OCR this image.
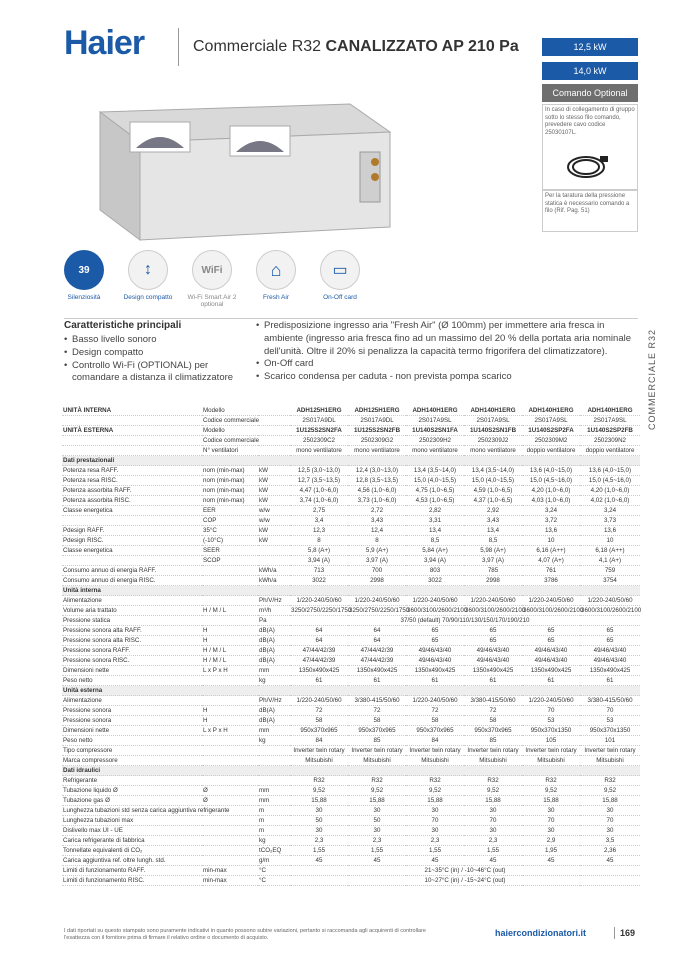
Haier	Commerciale R32 CANALIZZATO AP 210 Pa	12,5 kW
14,0 kW
Comando Optional
In caso di collegamento di gruppo sotto lo stesso filo comando, prevedere cavo codice 25030107L.
Per la taratura della pressione statica è necessario comando a filo (Rif. Pag. 51)
COMMERCIALE R32
39
Silenziosità
↕
Design compatto
WiFi
Wi-Fi Smart Air 2 optional
⌂
Fresh Air
▭
On-Off card
Caratteristiche principali
• Basso livello sonoro
• Design compatto
• Controllo Wi-Fi (OPTIONAL) per comandare a distanza il climatizzatore
• Predisposizione ingresso aria "Fresh Air" (Ø 100mm) per immettere aria fresca in ambiente (ingresso aria fresca fino ad un massimo del 20 % della portata aria nominale dell'unità. Oltre il 20% si penalizza la capacità termo frigorifera del climatizzatore).
• On-Off card
• Scarico condensa per caduta - non prevista pompa scarico
UNITÀ INTERNA	Modello		ADH125H1ERG	ADH125H1ERG	ADH140H1ERG	ADH140H1ERG	ADH140H1ERG	ADH140H1ERG
	Codice commerciale		2S017A9DL	2S017A9DL	2S017A9SL	2S017A9SL	2S017A9SL	2S017A9SL
UNITÀ ESTERNA	Modello		1U125S2SN2FA	1U125S2SN2FB	1U140S2SN1FA	1U140S2SN1FB	1U140S2SP2FA	1U140S2SP2FB
	Codice commerciale		2502309C2	2502309G2	2502309H2	2502309J2	2502309M2	2502309N2
	N° ventilatori		mono ventilatore	mono ventilatore	mono ventilatore	mono ventilatore	doppio ventilatore	doppio ventilatore
Dati prestazionali								
Potenza resa RAFF.	nom (min-max)	kW	12,5 (3,0~13,0)	12,4 (3,0~13,0)	13,4 (3,5~14,0)	13,4 (3,5~14,0)	13,6 (4,0~15,0)	13,6 (4,0~15,0)
Potenza resa RISC.	nom (min-max)	kW	12,7 (3,5~13,5)	12,8 (3,5~13,5)	15,0 (4,0~15,5)	15,0 (4,0~15,5)	15,0 (4,5~16,0)	15,0 (4,5~16,0)
Potenza assorbita RAFF.	nom (min-max)	kW	4,47 (1,0~6,0)	4,56 (1,0~6,0)	4,75 (1,0~6,5)	4,59 (1,0~6,5)	4,20 (1,0~6,0)	4,20 (1,0~6,0)
Potenza assorbita RISC.	nom (min-max)	kW	3,74 (1,0~6,0)	3,73 (1,0~6,0)	4,53 (1,0~6,5)	4,37 (1,0~6,5)	4,03 (1,0~6,0)	4,02 (1,0~6,0)
Classe energetica	EER	w/w	2,75	2,72	2,82	2,92	3,24	3,24
	COP	w/w	3,4	3,43	3,31	3,43	3,72	3,73
Pdesign RAFF.	35°C	kW	12,3	12,4	13,4	13,4	13,6	13,6
Pdesign RISC.	(-10°C)	kW	8	8	8,5	8,5	10	10
Classe energetica	SEER		5,8 (A+)	5,9 (A+)	5,84 (A+)	5,98 (A+)	6,16 (A++)	6,18 (A++)
	SCOP		3,94 (A)	3,97 (A)	3,94 (A)	3,97 (A)	4,07 (A+)	4,1 (A+)
Consumo annuo di energia RAFF.		kWh/a	713	700	803	785	761	759
Consumo annuo di energia RISC.		kWh/a	3022	2998	3022	2998	3786	3754
Unità interna								
Alimentazione		Ph/V/Hz	1/220-240/50/60	1/220-240/50/60	1/220-240/50/60	1/220-240/50/60	1/220-240/50/60	1/220-240/50/60
Volume aria trattato	H / M / L	m³/h	3250/2750/2250/1750	3250/2750/2250/1750	3600/3100/2600/2100	3600/3100/2600/2100	3600/3100/2600/2100	3600/3100/2600/2100
Pressione statica		Pa	37/50 (default) 70/90/110/130/150/170/190/210					
Pressione sonora alta RAFF.	H	dB(A)	64	64	65	65	65	65
Pressione sonora alta RISC.	H	dB(A)	64	64	65	65	65	65
Pressione sonora RAFF.	H / M / L	dB(A)	47/44/42/39	47/44/42/39	49/46/43/40	49/46/43/40	49/46/43/40	49/46/43/40
Pressione sonora RISC.	H / M / L	dB(A)	47/44/42/39	47/44/42/39	49/46/43/40	49/46/43/40	49/46/43/40	49/46/43/40
Dimensioni nette	L x P x H	mm	1350x490x425	1350x490x425	1350x490x425	1350x490x425	1350x490x425	1350x490x425
Peso netto		kg	61	61	61	61	61	61
Unità esterna								
Alimentazione		Ph/V/Hz	1/220-240/50/60	3/380-415/50/60	1/220-240/50/60	3/380-415/50/60	1/220-240/50/60	3/380-415/50/60
Pressione sonora	H	dB(A)	72	72	72	72	70	70
Pressione sonora	H	dB(A)	58	58	58	58	53	53
Dimensioni nette	L x P x H	mm	950x370x965	950x370x965	950x370x965	950x370x965	950x370x1350	950x370x1350
Peso netto		kg	84	85	84	85	105	101
Tipo compressore			Inverter twin rotary	Inverter twin rotary	Inverter twin rotary	Inverter twin rotary	Inverter twin rotary	Inverter twin rotary
Marca compressore			Mitsubishi	Mitsubishi	Mitsubishi	Mitsubishi	Mitsubishi	Mitsubishi
Dati idraulici								
Refrigerante			R32	R32	R32	R32	R32	R32
Tubazione liquido Ø	Ø	mm	9,52	9,52	9,52	9,52	9,52	9,52
Tubazione gas Ø	Ø	mm	15,88	15,88	15,88	15,88	15,88	15,88
Lunghezza tubazioni std senza carica aggiuntiva refrigerante		m	30	30	30	30	30	30
Lunghezza tubazioni max		m	50	50	70	70	70	70
Dislivello max UI - UE		m	30	30	30	30	30	30
Carica refrigerante di fabbrica		kg	2,3	2,3	2,3	2,3	2,9	3,5
Tonnellate equivalenti di CO₂		tCO₂EQ	1,55	1,55	1,55	1,55	1,95	2,36
Carica aggiuntiva ref. oltre lungh. std.		g/m	45	45	45	45	45	45
Limiti di funzionamento RAFF.	min-max	°C	21~35°C (in) / -10~46°C (out)					
Limiti di funzionamento RISC.	min-max	°C	10~27°C (in) / -15~24°C (out)					
I dati riportati su questo stampato sono puramente indicativi in quanto possono subire variazioni, pertanto si raccomanda agli acquirenti di controllare l'esattezza con il fornitore prima di firmare il relativo ordine o documento di acquisto.
haiercondizionatori.it	169
